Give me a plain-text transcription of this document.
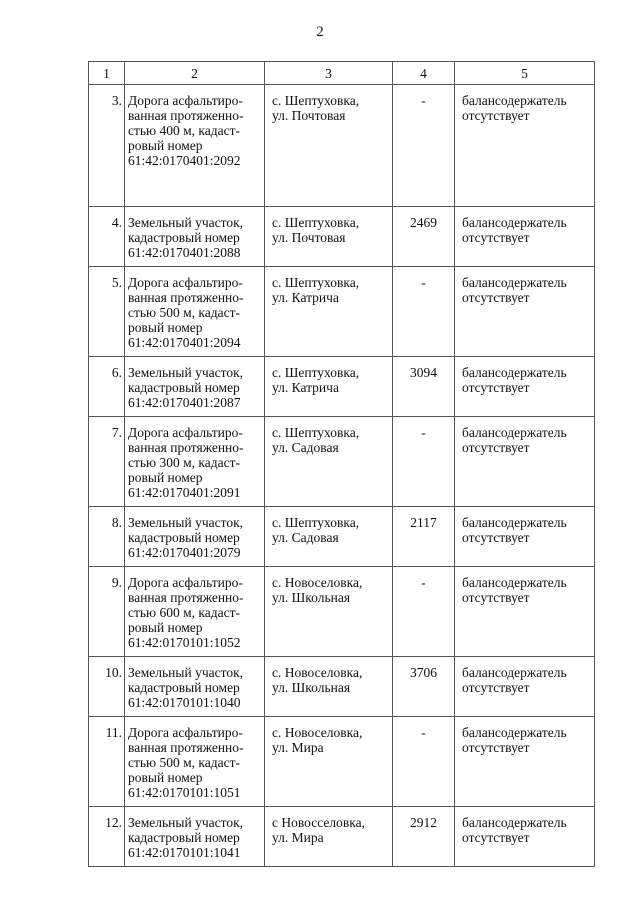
2
1	2	3	4	5
3.	Дорога асфальтиро-
ванная протяженно-
стью 400 м, кадаст-
ровый номер
61:42:0170401:2092	с. Шептуховка,
ул. Почтовая	-	балансодержатель
отсутствует
4.	Земельный участок,
кадастровый номер
61:42:0170401:2088	с. Шептуховка,
ул. Почтовая	2469	балансодержатель
отсутствует
5.	Дорога асфальтиро-
ванная протяженно-
стью 500 м, кадаст-
ровый номер
61:42:0170401:2094	с. Шептуховка,
ул. Катрича	-	балансодержатель
отсутствует
6.	Земельный участок,
кадастровый номер
61:42:0170401:2087	с. Шептуховка,
ул. Катрича	3094	балансодержатель
отсутствует
7.	Дорога асфальтиро-
ванная протяженно-
стью 300 м, кадаст-
ровый номер
61:42:0170401:2091	с. Шептуховка,
ул. Садовая	-	балансодержатель
отсутствует
8.	Земельный участок,
кадастровый номер
61:42:0170401:2079	с. Шептуховка,
ул. Садовая	2117	балансодержатель
отсутствует
9.	Дорога асфальтиро-
ванная протяженно-
стью 600 м, кадаст-
ровый номер
61:42:0170101:1052	с. Новоселовка,
ул. Школьная	-	балансодержатель
отсутствует
10.	Земельный участок,
кадастровый номер
61:42:0170101:1040	с. Новоселовка,
ул. Школьная	3706	балансодержатель
отсутствует
11.	Дорога асфальтиро-
ванная протяженно-
стью 500 м, кадаст-
ровый номер
61:42:0170101:1051	с. Новоселовка,
ул. Мира	-	балансодержатель
отсутствует
12.	Земельный участок,
кадастровый номер
61:42:0170101:1041	с Новосселовка,
ул. Мира	2912	балансодержатель
отсутствует
